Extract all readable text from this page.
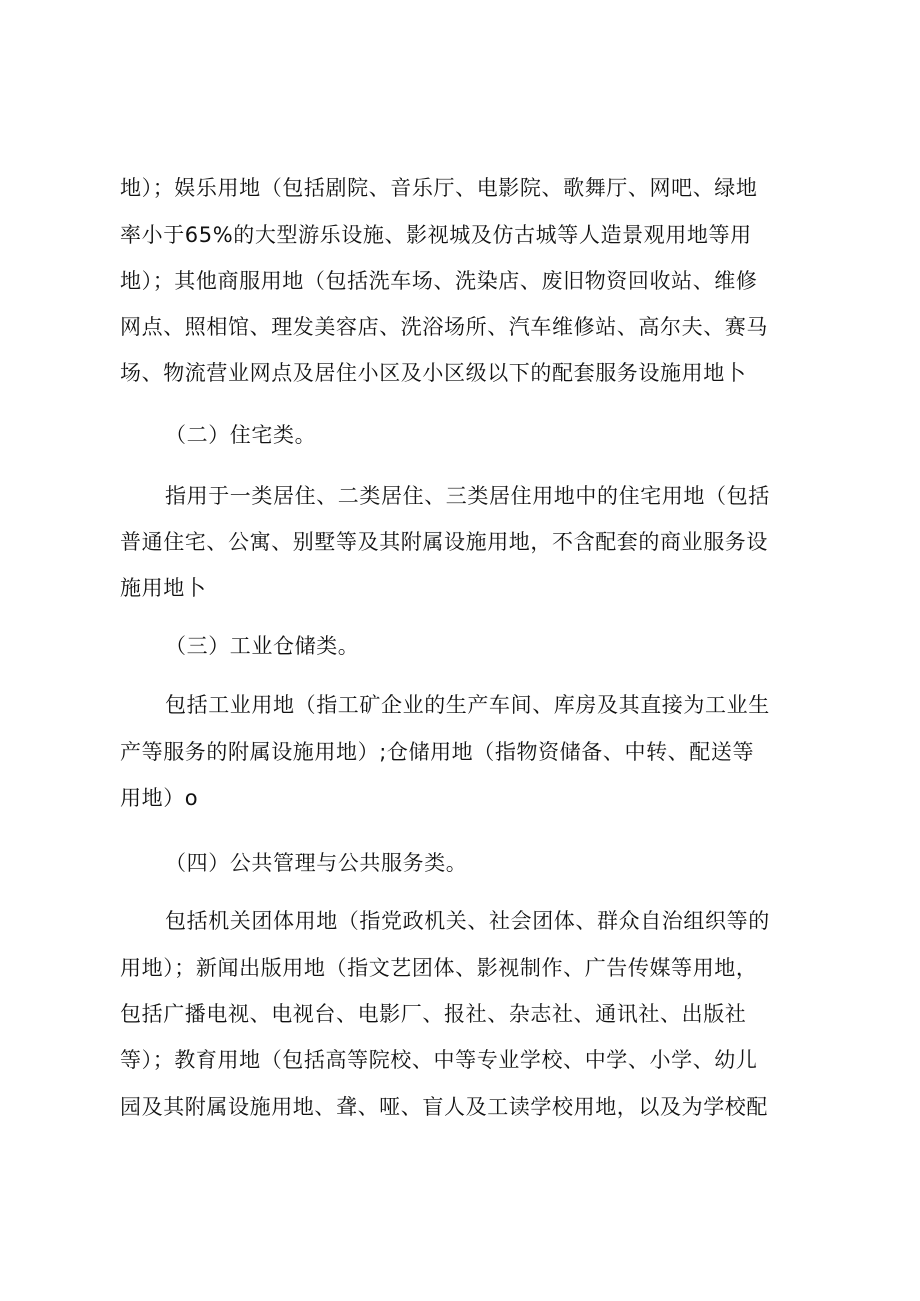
地）；娱乐用地（包括剧院、音乐厅、电影院、歌舞厅、网吧、绿地
率小于65%的大型游乐设施、影视城及仿古城等人造景观用地等用
地）；其他商服用地（包括洗车场、洗染店、废旧物资回收站、维修
网点、照相馆、理发美容店、洗浴场所、汽车维修站、高尔夫、赛马
场、物流营业网点及居住小区及小区级以下的配套服务设施用地卜
（二）住宅类。
指用于一类居住、二类居住、三类居住用地中的住宅用地（包括
普通住宅、公寓、别墅等及其附属设施用地，不含配套的商业服务设
施用地卜
（三）工业仓储类。
包括工业用地（指工矿企业的生产车间、库房及其直接为工业生
产等服务的附属设施用地）;仓储用地（指物资储备、中转、配送等
用地）o
（四）公共管理与公共服务类。
包括机关团体用地（指党政机关、社会团体、群众自治组织等的
用地）；新闻出版用地（指文艺团体、影视制作、广告传媒等用地，
包括广播电视、电视台、电影厂、报社、杂志社、通讯社、出版社
等）；教育用地（包括高等院校、中等专业学校、中学、小学、幼儿
园及其附属设施用地、聋、哑、盲人及工读学校用地，以及为学校配
